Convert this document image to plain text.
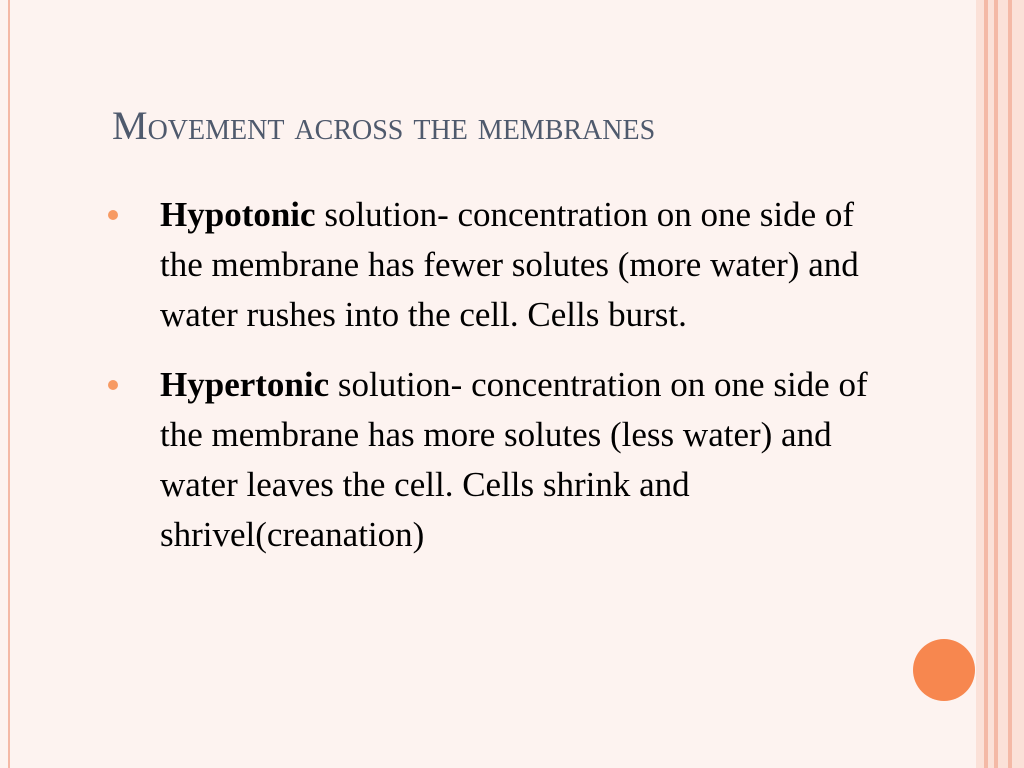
Movement across the membranes
Hypotonic solution- concentration on one side of the membrane has fewer solutes (more water) and water rushes into the cell. Cells burst.
Hypertonic solution- concentration on one side of the membrane has more solutes (less water) and water leaves the cell. Cells shrink and shrivel(creanation)
